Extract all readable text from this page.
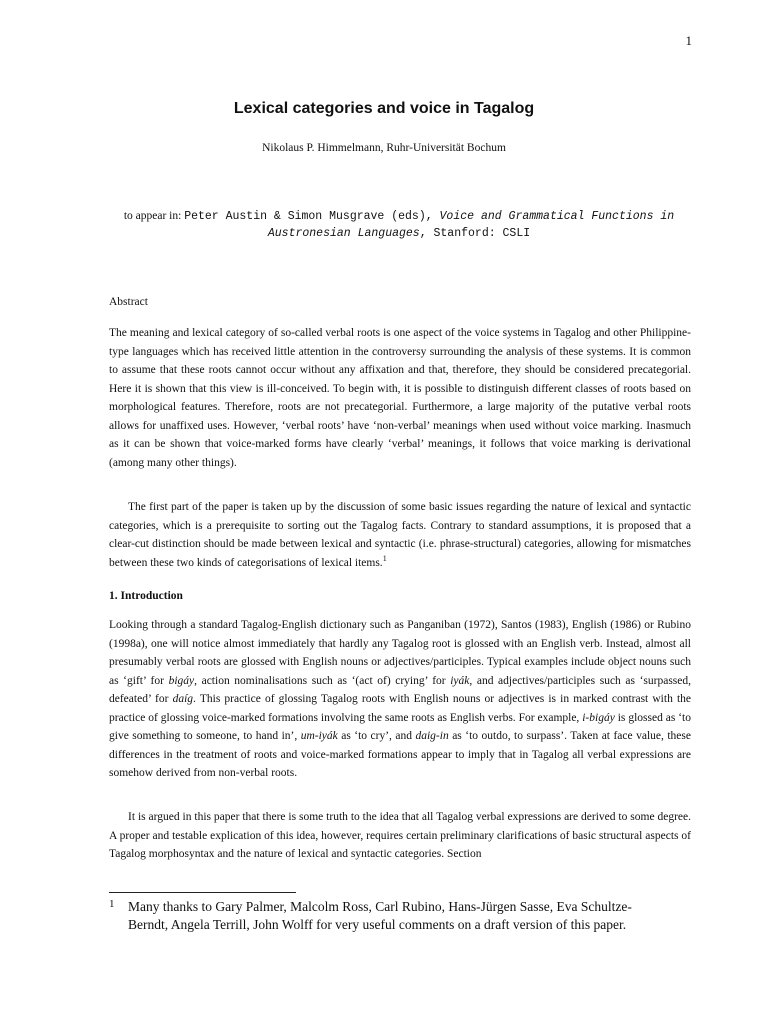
1
Lexical categories and voice in Tagalog
Nikolaus P. Himmelmann, Ruhr-Universität Bochum
to appear in: Peter Austin & Simon Musgrave (eds), Voice and Grammatical Functions in Austronesian Languages, Stanford: CSLI
Abstract

The meaning and lexical category of so-called verbal roots is one aspect of the voice systems in Tagalog and other Philippine-type languages which has received little attention in the controversy surrounding the analysis of these systems. It is common to assume that these roots cannot occur without any affixation and that, therefore, they should be considered precategorial. Here it is shown that this view is ill-conceived. To begin with, it is possible to distinguish different classes of roots based on morphological features. Therefore, roots are not precategorial. Furthermore, a large majority of the putative verbal roots allows for unaffixed uses. However, ‘verbal roots’ have ‘non-verbal’ meanings when used without voice marking. Inasmuch as it can be shown that voice-marked forms have clearly ‘verbal’ meanings, it follows that voice marking is derivational (among many other things).

The first part of the paper is taken up by the discussion of some basic issues regarding the nature of lexical and syntactic categories, which is a prerequisite to sorting out the Tagalog facts. Contrary to standard assumptions, it is proposed that a clear-cut distinction should be made between lexical and syntactic (i.e. phrase-structural) categories, allowing for mismatches between these two kinds of categorisations of lexical items.$^1$

1. Introduction

Looking through a standard Tagalog-English dictionary such as Panganiban (1972), Santos (1983), English (1986) or Rubino (1998a), one will notice almost immediately that hardly any Tagalog root is glossed with an English verb. Instead, almost all presumably verbal roots are glossed with English nouns or adjectives/participles. Typical examples include object nouns such as ‘gift’ for bigáy, action nominalisations such as ‘(act of) crying’ for iyák, and adjectives/participles such as ‘surpassed, defeated’ for daíg. This practice of glossing Tagalog roots with English nouns or adjectives is in marked contrast with the practice of glossing voice-marked formations involving the same roots as English verbs. For example, i-bigáy is glossed as ‘to give something to someone, to hand in’, um-iyák as ‘to cry’, and daig-in as ‘to outdo, to surpass’. Taken at face value, these differences in the treatment of roots and voice-marked formations appear to imply that in Tagalog all verbal expressions are somehow derived from non-verbal roots.

It is argued in this paper that there is some truth to the idea that all Tagalog verbal expressions are derived to some degree. A proper and testable explication of this idea, however, requires certain preliminary clarifications of basic structural aspects of Tagalog morphosyntax and the nature of lexical and syntactic categories. Section

1 Many thanks to Gary Palmer, Malcolm Ross, Carl Rubino, Hans-Jürgen Sasse, Eva Schultze-Berndt, Angela Terrill, John Wolff for very useful comments on a draft version of this paper.
